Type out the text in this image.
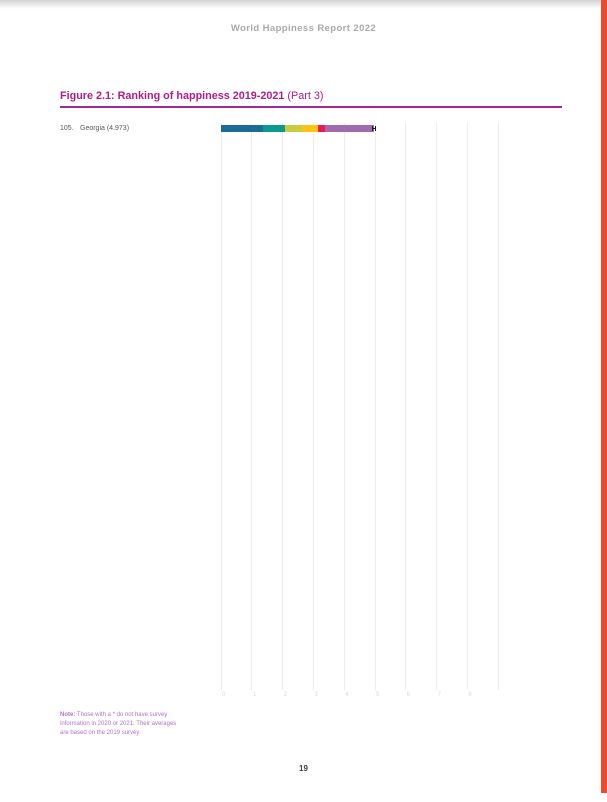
World Happiness Report 2022
Figure 2.1: Ranking of happiness 2019-2021 (Part 3)
0	1	2	3	4	5	6	7	8
105. Georgia (4.973)
Note: Those with a * do not have survey
information in 2020 or 2021. Their averages
are based on the 2019 survey.
19
